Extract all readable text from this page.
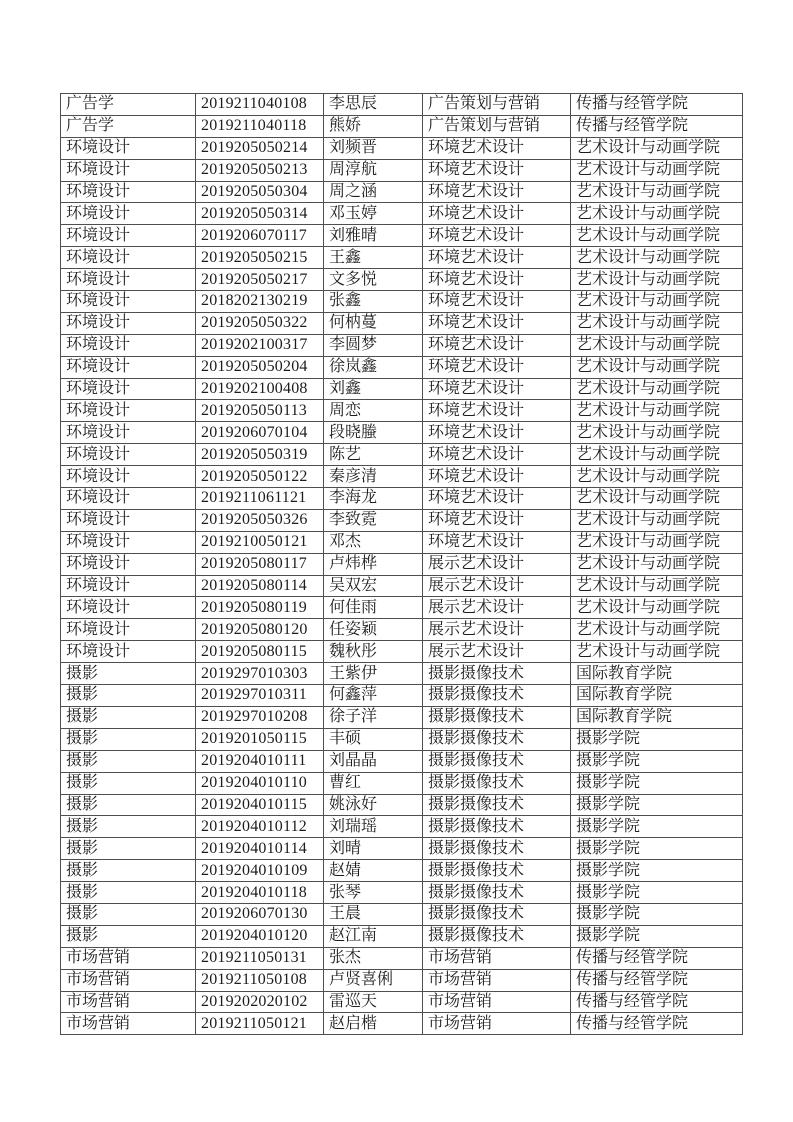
广告学	2019211040108	李思辰	广告策划与营销	传播与经管学院
广告学	2019211040118	熊娇	广告策划与营销	传播与经管学院
环境设计	2019205050214	刘频晋	环境艺术设计	艺术设计与动画学院
环境设计	2019205050213	周淳航	环境艺术设计	艺术设计与动画学院
环境设计	2019205050304	周之涵	环境艺术设计	艺术设计与动画学院
环境设计	2019205050314	邓玉婷	环境艺术设计	艺术设计与动画学院
环境设计	2019206070117	刘雅晴	环境艺术设计	艺术设计与动画学院
环境设计	2019205050215	王鑫	环境艺术设计	艺术设计与动画学院
环境设计	2019205050217	文多悦	环境艺术设计	艺术设计与动画学院
环境设计	2018202130219	张鑫	环境艺术设计	艺术设计与动画学院
环境设计	2019205050322	何枘蔓	环境艺术设计	艺术设计与动画学院
环境设计	2019202100317	李圆梦	环境艺术设计	艺术设计与动画学院
环境设计	2019205050204	徐岚鑫	环境艺术设计	艺术设计与动画学院
环境设计	2019202100408	刘鑫	环境艺术设计	艺术设计与动画学院
环境设计	2019205050113	周恋	环境艺术设计	艺术设计与动画学院
环境设计	2019206070104	段晓螣	环境艺术设计	艺术设计与动画学院
环境设计	2019205050319	陈艺	环境艺术设计	艺术设计与动画学院
环境设计	2019205050122	秦彦清	环境艺术设计	艺术设计与动画学院
环境设计	2019211061121	李海龙	环境艺术设计	艺术设计与动画学院
环境设计	2019205050326	李致霓	环境艺术设计	艺术设计与动画学院
环境设计	2019210050121	邓杰	环境艺术设计	艺术设计与动画学院
环境设计	2019205080117	卢炜桦	展示艺术设计	艺术设计与动画学院
环境设计	2019205080114	吴双宏	展示艺术设计	艺术设计与动画学院
环境设计	2019205080119	何佳雨	展示艺术设计	艺术设计与动画学院
环境设计	2019205080120	任姿颖	展示艺术设计	艺术设计与动画学院
环境设计	2019205080115	魏秋彤	展示艺术设计	艺术设计与动画学院
摄影	2019297010303	王紫伊	摄影摄像技术	国际教育学院
摄影	2019297010311	何鑫萍	摄影摄像技术	国际教育学院
摄影	2019297010208	徐子洋	摄影摄像技术	国际教育学院
摄影	2019201050115	丰硕	摄影摄像技术	摄影学院
摄影	2019204010111	刘晶晶	摄影摄像技术	摄影学院
摄影	2019204010110	曹红	摄影摄像技术	摄影学院
摄影	2019204010115	姚泳好	摄影摄像技术	摄影学院
摄影	2019204010112	刘瑞瑶	摄影摄像技术	摄影学院
摄影	2019204010114	刘晴	摄影摄像技术	摄影学院
摄影	2019204010109	赵婧	摄影摄像技术	摄影学院
摄影	2019204010118	张琴	摄影摄像技术	摄影学院
摄影	2019206070130	王晨	摄影摄像技术	摄影学院
摄影	2019204010120	赵江南	摄影摄像技术	摄影学院
市场营销	2019211050131	张杰	市场营销	传播与经管学院
市场营销	2019211050108	卢贤喜俐	市场营销	传播与经管学院
市场营销	2019202020102	雷巡天	市场营销	传播与经管学院
市场营销	2019211050121	赵启楷	市场营销	传播与经管学院
